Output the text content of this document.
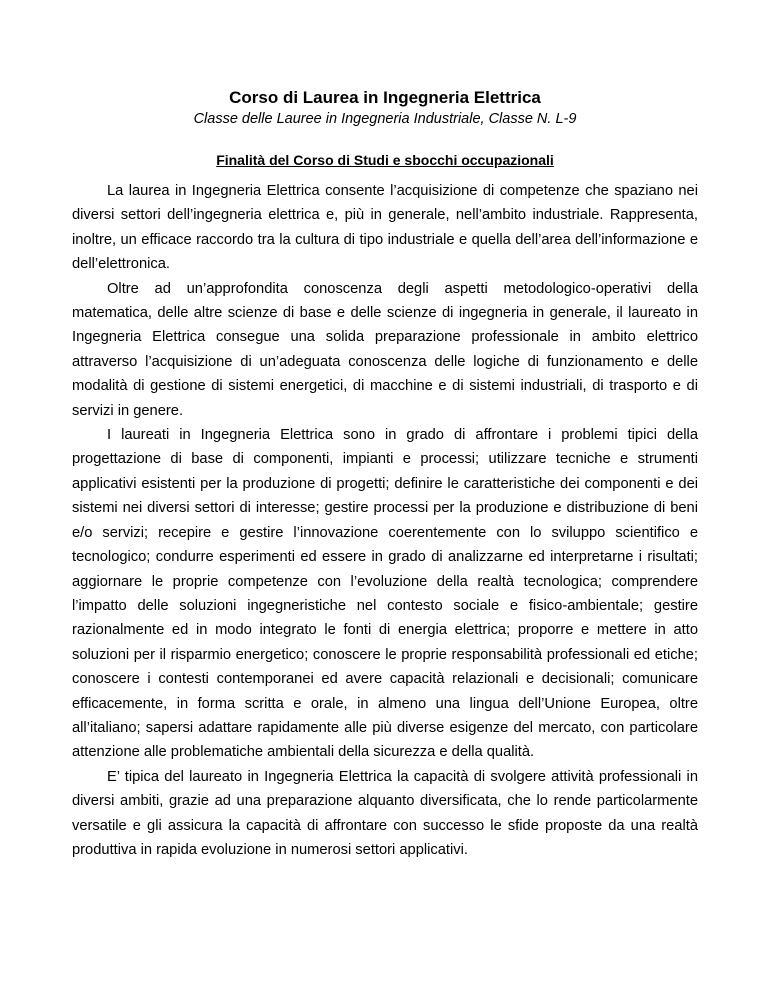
Corso di Laurea in Ingegneria Elettrica

Classe delle Lauree in Ingegneria Industriale, Classe N. L-9

Finalità del Corso di Studi e sbocchi occupazionali

La laurea in Ingegneria Elettrica consente l’acquisizione di competenze che spaziano nei diversi settori dell’ingegneria elettrica e, più in generale, nell’ambito industriale. Rappresenta, inoltre, un efficace raccordo tra la cultura di tipo industriale e quella dell’area dell’informazione e dell’elettronica.

Oltre ad un’approfondita conoscenza degli aspetti metodologico-operativi della matematica, delle altre scienze di base e delle scienze di ingegneria in generale, il laureato in Ingegneria Elettrica consegue una solida preparazione professionale in ambito elettrico attraverso l’acquisizione di un’adeguata conoscenza delle logiche di funzionamento e delle modalità di gestione di sistemi energetici, di macchine e di sistemi industriali, di trasporto e di servizi in genere.

I laureati in Ingegneria Elettrica sono in grado di affrontare i problemi tipici della progettazione di base di componenti, impianti e processi; utilizzare tecniche e strumenti applicativi esistenti per la produzione di progetti; definire le caratteristiche dei componenti e dei sistemi nei diversi settori di interesse; gestire processi per la produzione e distribuzione di beni e/o servizi; recepire e gestire l’innovazione coerentemente con lo sviluppo scientifico e tecnologico; condurre esperimenti ed essere in grado di analizzarne ed interpretarne i risultati; aggiornare le proprie competenze con l’evoluzione della realtà tecnologica; comprendere l’impatto delle soluzioni ingegneristiche nel contesto sociale e fisico-ambientale; gestire razionalmente ed in modo integrato le fonti di energia elettrica; proporre e mettere in atto soluzioni per il risparmio energetico; conoscere le proprie responsabilità professionali ed etiche; conoscere i contesti contemporanei ed avere capacità relazionali e decisionali; comunicare efficacemente, in forma scritta e orale, in almeno una lingua dell’Unione Europea, oltre all’italiano; sapersi adattare rapidamente alle più diverse esigenze del mercato, con particolare attenzione alle problematiche ambientali della sicurezza e della qualità.

E’ tipica del laureato in Ingegneria Elettrica la capacità di svolgere attività professionali in diversi ambiti, grazie ad una preparazione alquanto diversificata, che lo rende particolarmente versatile e gli assicura la capacità di affrontare con successo le sfide proposte da una realtà produttiva in rapida evoluzione in numerosi settori applicativi.
